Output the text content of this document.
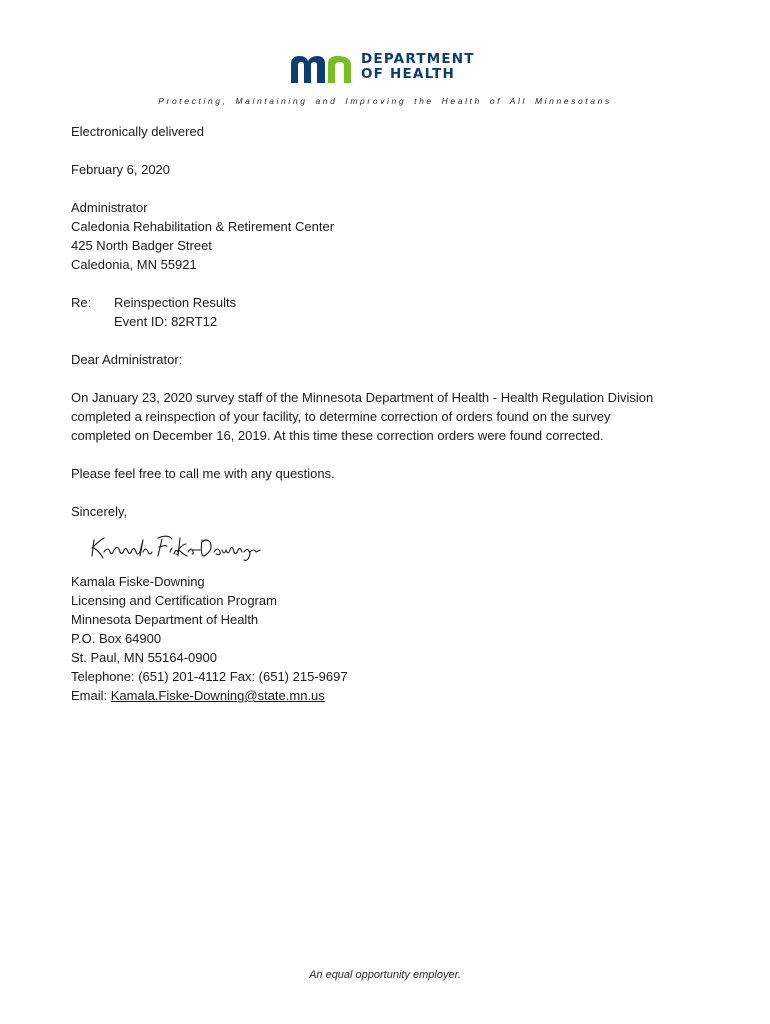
DEPARTMENT
OF HEALTH
Protecting, Maintaining and Improving the Health of All Minnesotans
Electronically delivered
February 6, 2020
Administrator
Caledonia Rehabilitation & Retirement Center
425 North Badger Street
Caledonia, MN 55921
Re: Reinspection Results
Event ID: 82RT12
Dear Administrator:
On January 23, 2020 survey staff of the Minnesota Department of Health - Health Regulation Division
completed a reinspection of your facility, to determine correction of orders found on the survey
completed on December 16, 2019. At this time these correction orders were found corrected.
Please feel free to call me with any questions.
Sincerely,
Kamala Fiske-Downing
Kamala Fiske-Downing
Licensing and Certification Program
Minnesota Department of Health
P.O. Box 64900
St. Paul, MN 55164-0900
Telephone: (651) 201-4112 Fax: (651) 215-9697
Email: Kamala.Fiske-Downing@state.mn.us
An equal opportunity employer.
